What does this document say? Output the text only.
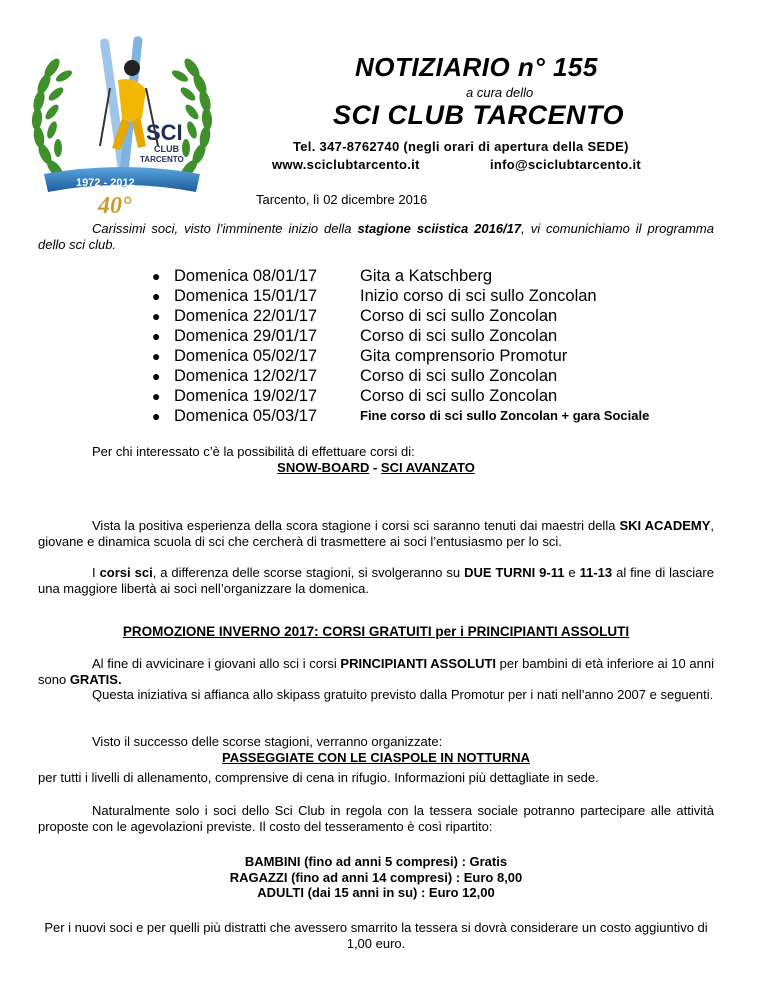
SCI
CLUB
TARCENTO
1972 - 2012
40°
NOTIZIARIO n° 155
a cura dello
SCI CLUB TARCENTO
Tel. 347-8762740 (negli orari di apertura della SEDE)
www.sciclubtarcento.it	info@sciclubtarcento.it
Tarcento, lì 02 dicembre 2016

Carissimi soci, visto l’imminente inizio della stagione sciistica 2016/17, vi comunichiamo il programma dello sci club.

● Domenica 08/01/17	Gita a Katschberg
● Domenica 15/01/17	Inizio corso di sci sullo Zoncolan
● Domenica 22/01/17	Corso di sci sullo Zoncolan
● Domenica 29/01/17	Corso di sci sullo Zoncolan
● Domenica 05/02/17	Gita comprensorio Promotur
● Domenica 12/02/17	Corso di sci sullo Zoncolan
● Domenica 19/02/17	Corso di sci sullo Zoncolan
● Domenica 05/03/17	Fine corso di sci sullo Zoncolan + gara Sociale

Per chi interessato c’è la possibilità di effettuare corsi di:

SNOW-BOARD - SCI AVANZATO

Vista la positiva esperienza della scora stagione i corsi sci saranno tenuti dai maestri della SKI ACADEMY, giovane e dinamica scuola di sci che cercherà di trasmettere ai soci l’entusiasmo per lo sci.

I corsi sci, a differenza delle scorse stagioni, si svolgeranno su DUE TURNI 9-11 e 11-13 al fine di lasciare una maggiore libertà ai soci nell’organizzare la domenica.

PROMOZIONE INVERNO 2017: CORSI GRATUITI per i PRINCIPIANTI ASSOLUTI

Al fine di avvicinare i giovani allo sci i corsi PRINCIPIANTI ASSOLUTI per bambini di età inferiore ai 10 anni sono GRATIS.

Questa iniziativa si affianca allo skipass gratuito previsto dalla Promotur per i nati nell’anno 2007 e seguenti.

Visto il successo delle scorse stagioni, verranno organizzate:

PASSEGGIATE CON LE CIASPOLE IN NOTTURNA

per tutti i livelli di allenamento, comprensive di cena in rifugio. Informazioni più dettagliate in sede.

Naturalmente solo i soci dello Sci Club in regola con la tessera sociale potranno partecipare alle attività proposte con le agevolazioni previste. Il costo del tesseramento è così ripartito:

BAMBINI (fino ad anni 5 compresi) : Gratis
RAGAZZI (fino ad anni 14 compresi) : Euro 8,00
ADULTI (dai 15 anni in su) : Euro 12,00

Per i nuovi soci e per quelli più distratti che avessero smarrito la tessera si dovrà considerare un costo aggiuntivo di 1,00 euro.
